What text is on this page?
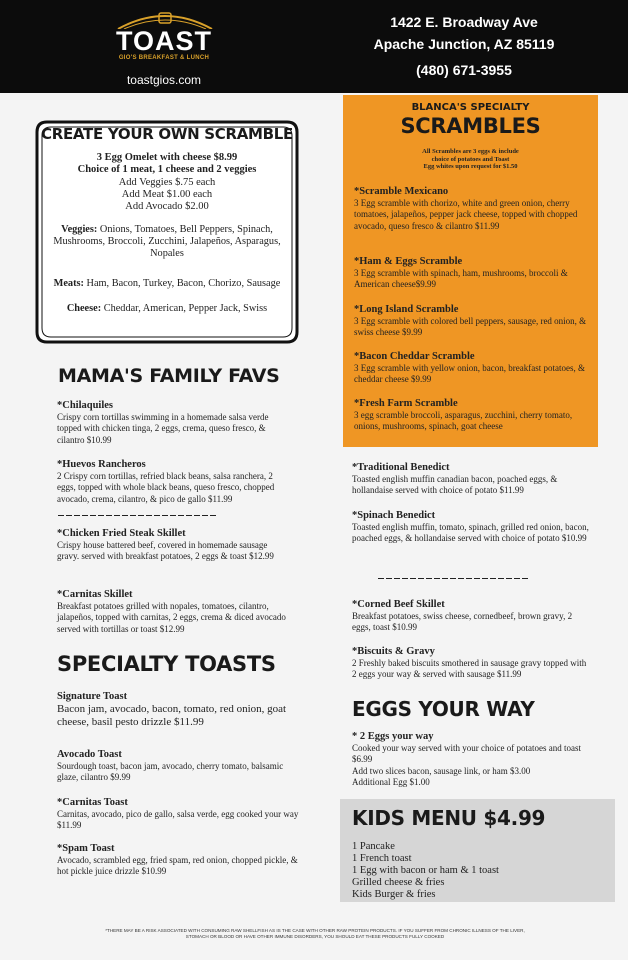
TOAST
GIO'S BREAKFAST & LUNCH
toastgios.com
1422 E. Broadway Ave
Apache Junction, AZ 85119
(480) 671-3955
CREATE YOUR OWN SCRAMBLE
3 Egg Omelet with cheese $8.99
Choice of 1 meat, 1 cheese and 2 veggies
Add Veggies $.75 each
Add Meat $1.00 each
Add Avocado $2.00
Veggies: Onions, Tomatoes, Bell Peppers, Spinach, Mushrooms, Broccoli, Zucchini, Jalapeños, Asparagus, Nopales
Meats: Ham, Bacon, Turkey, Bacon, Chorizo, Sausage
Cheese: Cheddar, American, Pepper Jack, Swiss
BLANCA'S SPECIALTY
SCRAMBLES
All Scrambles are 3 eggs & include
choice of potatoes and Toast
Egg whites upon request for $1.50
*Scramble Mexicano
3 Egg scramble with chorizo, white and green onion, cherry tomatoes, jalapeños, pepper jack cheese, topped with chopped avocado, queso fresco & cilantro $11.99
*Ham & Eggs Scramble
3 Egg scramble with spinach, ham, mushrooms, broccoli & American cheese$9.99
*Long Island Scramble
3 Egg scramble with colored bell peppers, sausage, red onion, & swiss cheese $9.99
*Bacon Cheddar Scramble
3 Egg scramble with yellow onion, bacon, breakfast potatoes, & cheddar cheese $9.99
*Fresh Farm Scramble
3 egg scramble broccoli, asparagus, zucchini, cherry tomato, onions, mushrooms, spinach, goat cheese
MAMA'S FAMILY FAVS
*Chilaquiles
Crispy corn tortillas swimming in a homemade salsa verde topped with chicken tinga, 2 eggs, crema, queso fresco, & cilantro $10.99
*Huevos Rancheros
2 Crispy corn tortillas, refried black beans, salsa ranchera, 2 eggs, topped with whole black beans, queso fresco, chopped avocado, crema, cilantro, & pico de gallo $11.99
*Chicken Fried Steak Skillet
Crispy house battered beef, covered in homemade sausage gravy. served with breakfast potatoes, 2 eggs & toast $12.99
*Carnitas Skillet
Breakfast potatoes grilled with nopales, tomatoes, cilantro, jalapeños, topped with carnitas, 2 eggs, crema & diced avocado served with tortillas or toast $12.99
SPECIALTY TOASTS
Signature Toast
Bacon jam, avocado, bacon, tomato, red onion, goat cheese, basil pesto drizzle $11.99
Avocado Toast
Sourdough toast, bacon jam, avocado, cherry tomato, balsamic glaze, cilantro $9.99
*Carnitas Toast
Carnitas, avocado, pico de gallo, salsa verde, egg cooked your way $11.99
*Spam Toast
Avocado, scrambled egg, fried spam, red onion, chopped pickle, & hot pickle juice drizzle $10.99
*Traditional Benedict
Toasted english muffin canadian bacon, poached eggs, & hollandaise served with choice of potato $11.99
*Spinach Benedict
Toasted english muffin, tomato, spinach, grilled red onion, bacon, poached eggs, & hollandaise served with choice of potato $10.99
*Corned Beef Skillet
Breakfast potatoes, swiss cheese, cornedbeef, brown gravy, 2 eggs, toast $10.99
*Biscuits & Gravy
2 Freshly baked biscuits smothered in sausage gravy topped with 2 eggs your way & served with sausage $11.99
EGGS YOUR WAY
* 2 Eggs your way
Cooked your way served with your choice of potatoes and toast $6.99
Add two slices bacon, sausage link, or ham $3.00
Additional Egg $1.00
KIDS MENU $4.99
1 Pancake
1 French toast
1 Egg with bacon or ham & 1 toast
Grilled cheese & fries
Kids Burger & fries
*THERE MAY BE A RISK ASSOCIATED WITH CONSUMING RAW SHELLFISH AS IS THE CASE WITH OTHER RAW PROTEIN PRODUCTS. IF YOU SUFFER FROM CHRONIC ILLNESS OF THE LIVER, STOMACH OR BLOOD OR HAVE OTHER IMMUNE DISORDERS, YOU SHOULD EAT THESE PRODUCTS FULLY COOKED
